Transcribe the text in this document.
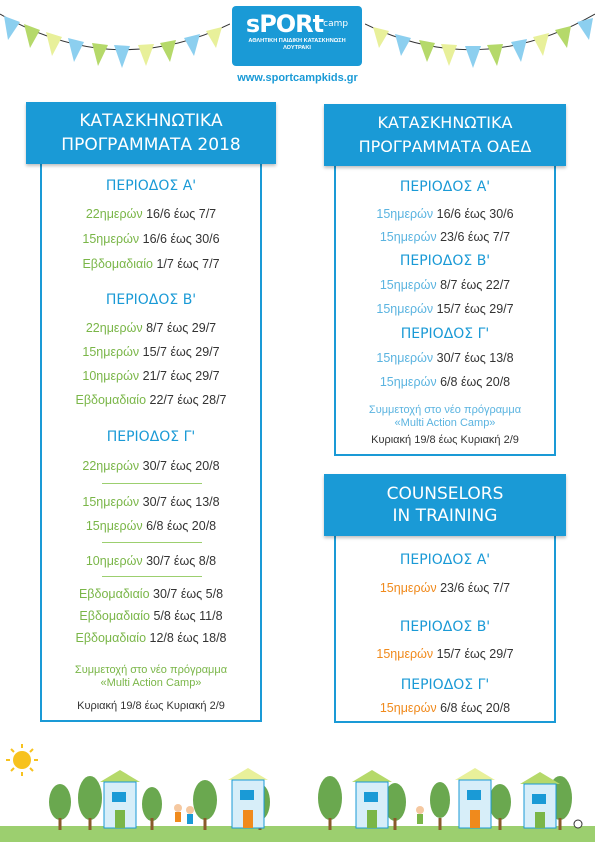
sPORt$^{camp}$
ΑΘΛΗΤΙΚΗ ΠΑΙΔΙΚΗ ΚΑΤΑΣΚΗΝΩΣΗ
ΛΟΥΤΡΑΚΙ
www.sportcampkids.gr
ΠΕΡΙΟΔΟΣ Α'
22ημερών 16/6 έως 7/7
15ημερών 16/6 έως 30/6
Εβδομαδιαίο 1/7 έως 7/7
ΠΕΡΙΟΔΟΣ Β'
22ημερών 8/7 έως 29/7
15ημερών 15/7 έως 29/7
10ημερών 21/7 έως 29/7
Εβδομαδιαίο 22/7 έως 28/7
ΠΕΡΙΟΔΟΣ Γ'
22ημερών 30/7 έως 20/8
15ημερών 30/7 έως 13/8
15ημερών 6/8 έως 20/8
10ημερών 30/7 έως 8/8
Εβδομαδιαίο 30/7 έως 5/8
Εβδομαδιαίο 5/8 έως 11/8
Εβδομαδιαίο 12/8 έως 18/8
Συμμετοχή στο νέο πρόγραμμα
«Multi Action Camp»
Κυριακή 19/8 έως Κυριακή 2/9
ΚΑΤΑΣΚΗΝΩΤΙΚΑ
ΠΡΟΓΡΑΜΜΑΤΑ 2018
ΠΕΡΙΟΔΟΣ Α'
15ημερών 16/6 έως 30/6
15ημερών 23/6 έως 7/7
ΠΕΡΙΟΔΟΣ Β'
15ημερών 8/7 έως 22/7
15ημερών 15/7 έως 29/7
ΠΕΡΙΟΔΟΣ Γ'
15ημερών 30/7 έως 13/8
15ημερών 6/8 έως 20/8
Συμμετοχή στο νέο πρόγραμμα
«Multi Action Camp»
Κυριακή 19/8 έως Κυριακή 2/9
ΚΑΤΑΣΚΗΝΩΤΙΚΑ
ΠΡΟΓΡΑΜΜΑΤΑ ΟΑΕΔ
ΠΕΡΙΟΔΟΣ Α'
15ημερών 23/6 έως 7/7
ΠΕΡΙΟΔΟΣ Β'
15ημερών 15/7 έως 29/7
ΠΕΡΙΟΔΟΣ Γ'
15ημερών 6/8 έως 20/8
COUNSELORS
IN TRAINING
